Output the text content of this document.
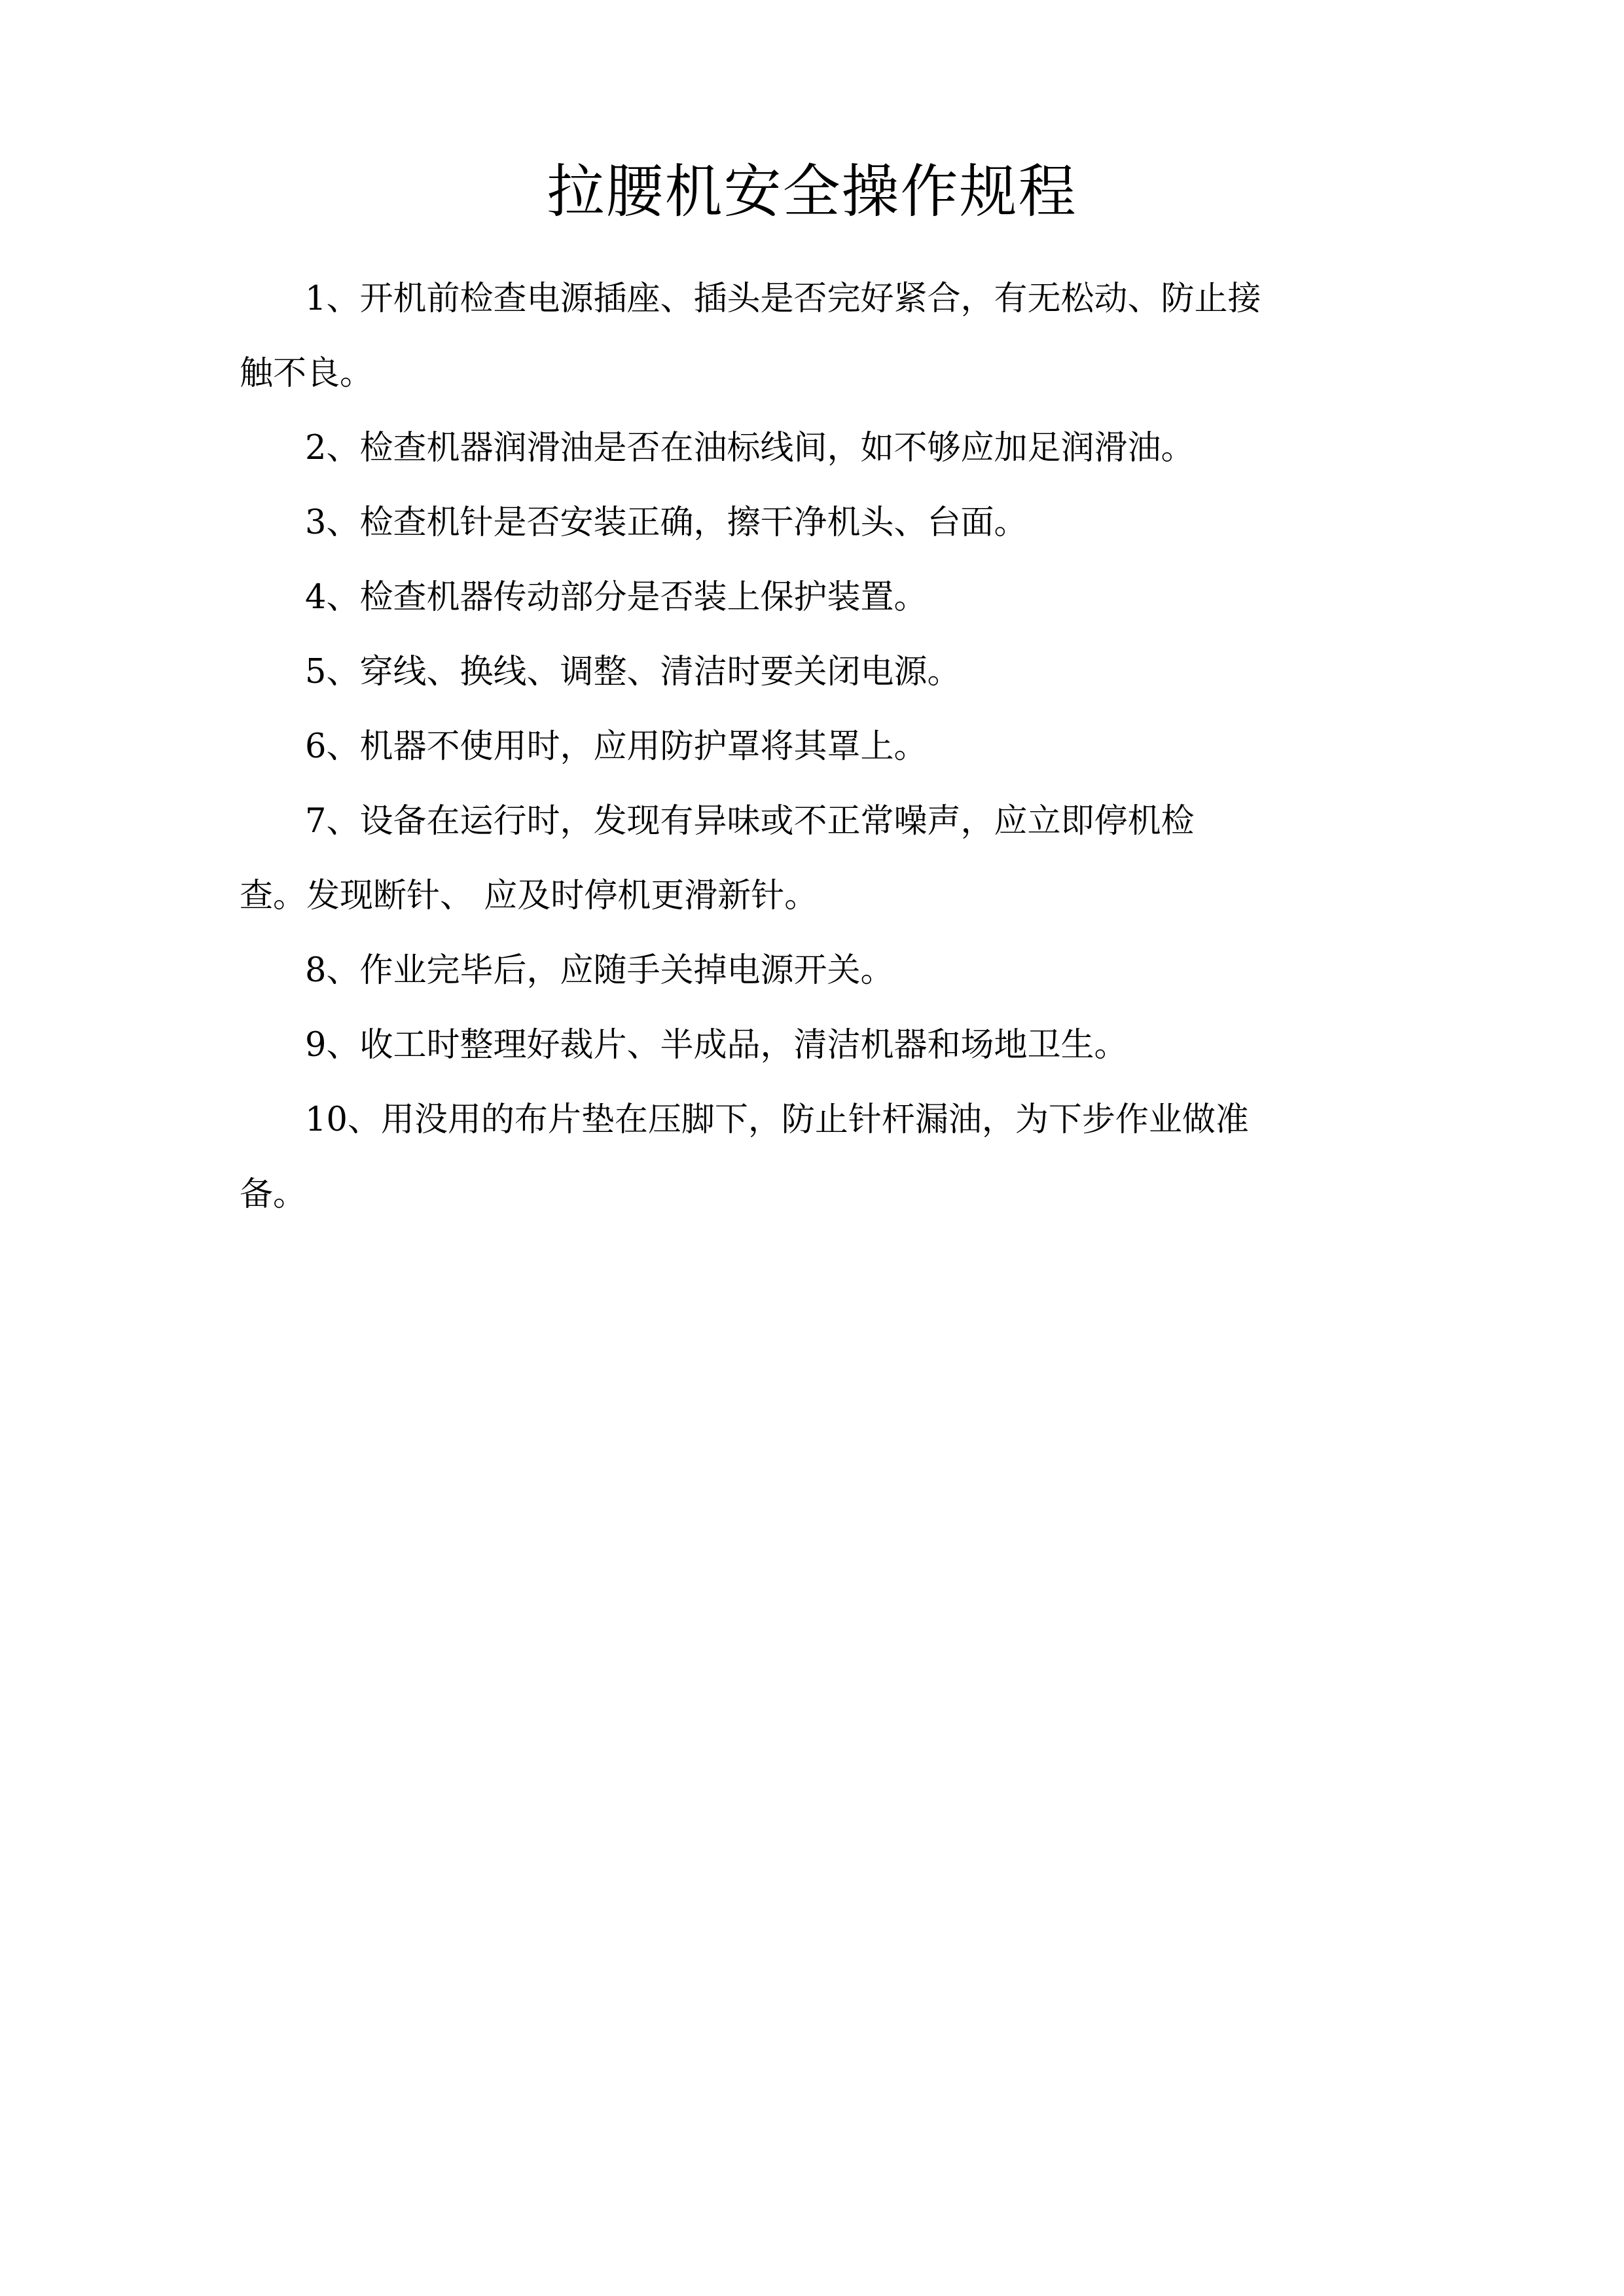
拉腰机安全操作规程

1、开机前检查电源插座、插头是否完好紧合，有无松动、防止接
触不良。

2、检查机器润滑油是否在油标线间，如不够应加足润滑油。

3、检查机针是否安装正确，擦干净机头、台面。

4、检查机器传动部分是否装上保护装置。

5、穿线、换线、调整、清洁时要关闭电源。

6、机器不使用时，应用防护罩将其罩上。

7、设备在运行时，发现有异味或不正常噪声，应立即停机检
查。发现断针、 应及时停机更滑新针。

8、作业完毕后，应随手关掉电源开关。

9、收工时整理好裁片、半成品，清洁机器和场地卫生。

10、用没用的布片垫在压脚下，防止针杆漏油，为下步作业做准
备。
